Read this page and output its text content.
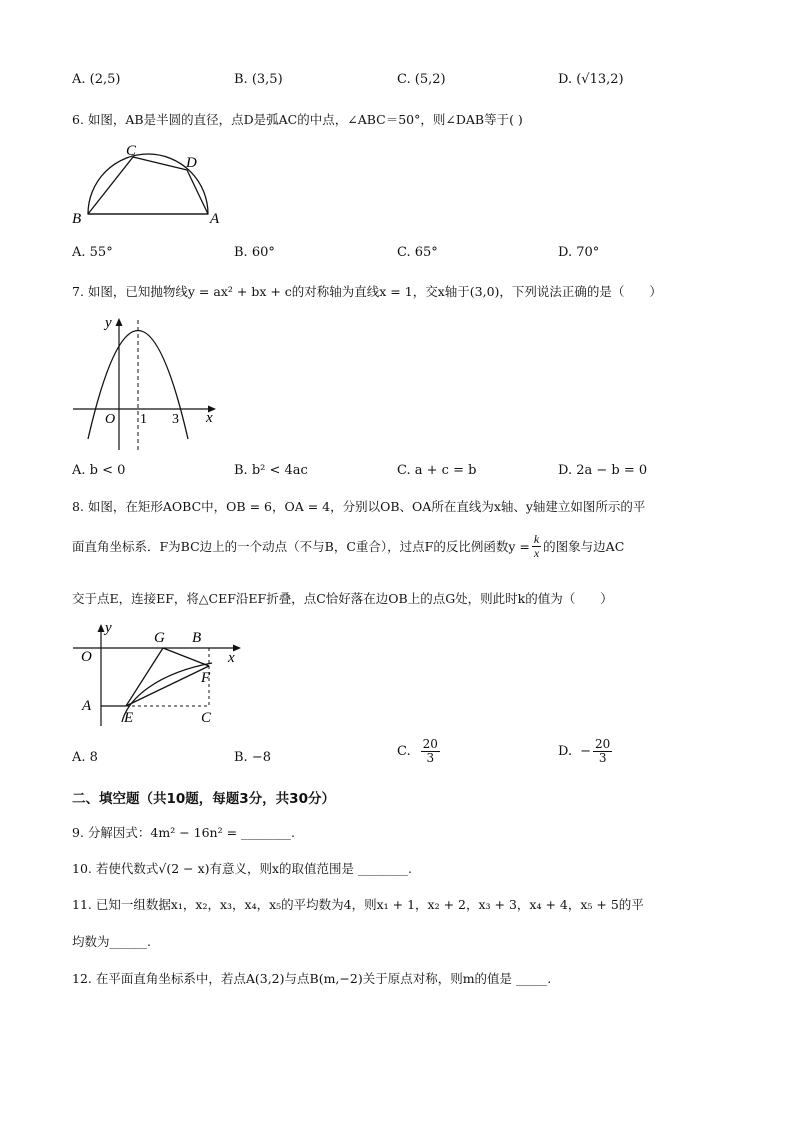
A. (2,5)	B. (3,5)	C. (5,2)	D. (√13,2)
6. 如图，AB是半圆的直径，点D是弧AC的中点，∠ABC＝50°，则∠DAB等于( )
B
C
D
A
A. 55°	B. 60°	C. 65°	D. 70°
7. 如图，已知抛物线y = ax² + bx + c的对称轴为直线x = 1，交x轴于(3,0)，下列说法正确的是（　　）
y
x
O 1 3
A. b < 0	B. b² < 4ac	C. a + c = b	D. 2a − b = 0
8. 如图，在矩形AOBC中，OB = 6，OA = 4，分别以OB、OA所在直线为x轴、y轴建立如图所示的平
面直角坐标系．F为BC边上的一个动点（不与B，C重合），过点F的反比例函数$y = \frac{k}{x}$ 的图象与边AC
交于点E，连接EF，将△CEF沿EF折叠，点C恰好落在边OB上的点G处，则此时k的值为（　　）
y
x
O
G B
F
A
E	C
A. 8	B. −8	C. $\frac{20}{3}$	D. − $\frac{20}{3}$
二、填空题（共10题，每题3分，共30分）
9. 分解因式：4m² − 16n² = ________.
10. 若使代数式√(2 − x)有意义，则x的取值范围是 ________.
11. 已知一组数据x₁，x₂，x₃，x₄，x₅的平均数为4，则x₁ + 1，x₂ + 2，x₃ + 3，x₄ + 4，x₅ + 5的平
均数为______.
12. 在平面直角坐标系中，若点A(3,2)与点B(m,−2)关于原点对称，则m的值是 _____.
